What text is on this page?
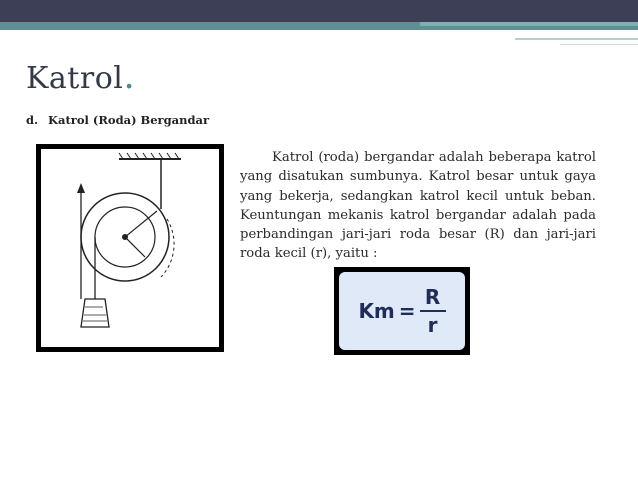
Katrol.
d. Katrol (Roda) Bergandar
Katrol (roda) bergandar adalah beberapa katrol yang disatukan sumbunya. Katrol besar untuk gaya yang bekerja, sedangkan katrol kecil untuk beban. Keuntungan mekanis katrol bergandar adalah pada perbandingan jari-jari roda besar (R) dan jari-jari roda kecil (r), yaitu :
$Km = \frac{R}{r}$
